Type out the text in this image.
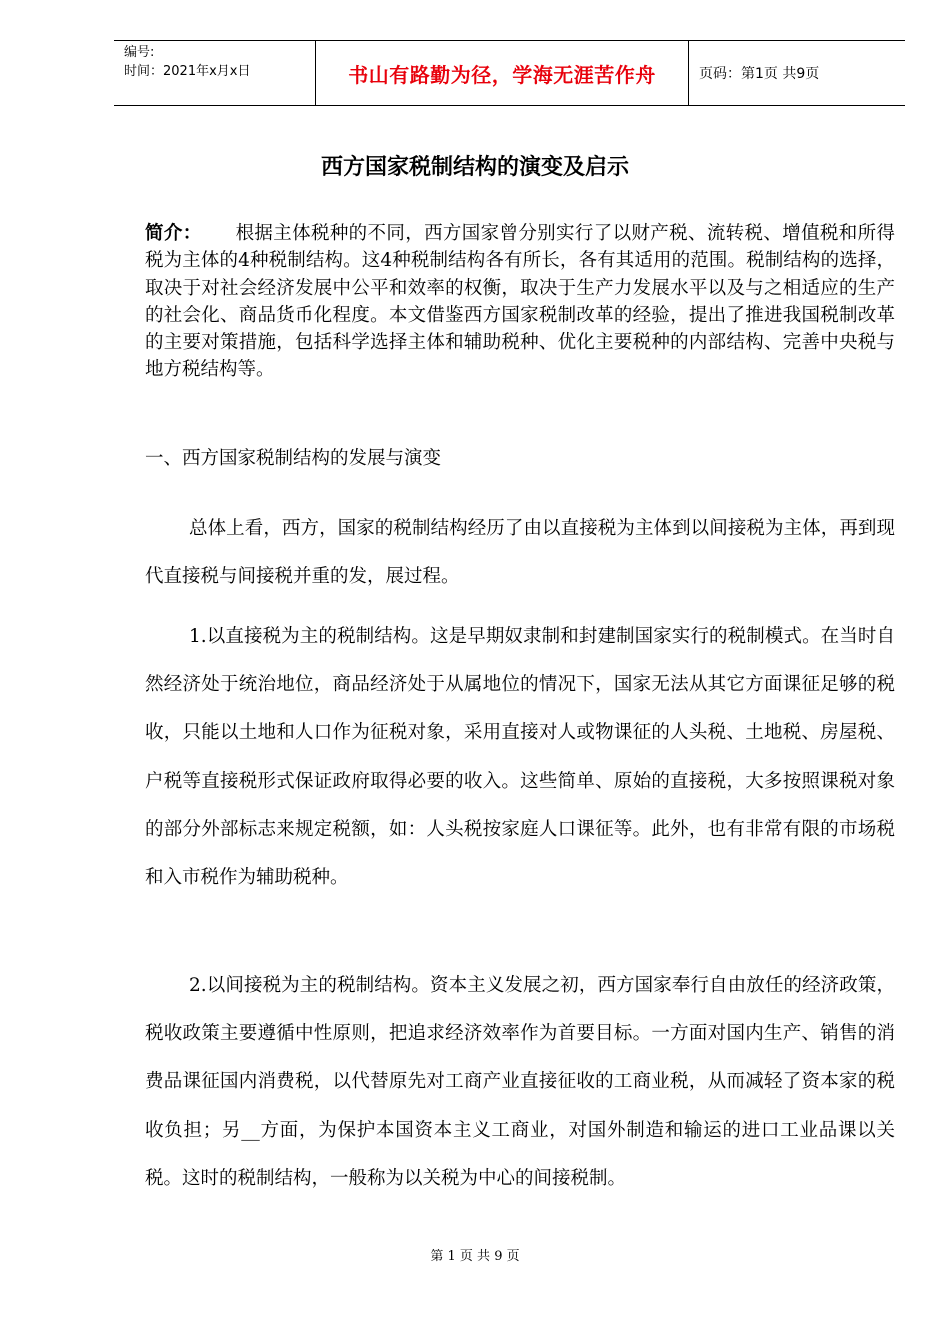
编号:
时间：2021年x月x日	书山有路勤为径，学海无涯苦作舟	页码：第1页 共9页
西方国家税制结构的演变及启示
简介： 根据主体税种的不同，西方国家曾分别实行了以财产税、流转税、增值税和所得税为主体的4种税制结构。这4种税制结构各有所长，各有其适用的范围。税制结构的选择，取决于对社会经济发展中公平和效率的权衡，取决于生产力发展水平以及与之相适应的生产的社会化、商品货币化程度。本文借鉴西方国家税制改革的经验，提出了推进我国税制改革的主要对策措施，包括科学选择主体和辅助税种、优化主要税种的内部结构、完善中央税与地方税结构等。
一、西方国家税制结构的发展与演变
总体上看，西方，国家的税制结构经历了由以直接税为主体到以间接税为主体，再到现代直接税与间接税并重的发，展过程。
1.以直接税为主的税制结构。这是早期奴隶制和封建制国家实行的税制模式。在当时自然经济处于统治地位，商品经济处于从属地位的情况下，国家无法从其它方面课征足够的税收，只能以土地和人口作为征税对象，采用直接对人或物课征的人头税、土地税、房屋税、户税等直接税形式保证政府取得必要的收入。这些简单、原始的直接税，大多按照课税对象的部分外部标志来规定税额，如：人头税按家庭人口课征等。此外，也有非常有限的市场税和入市税作为辅助税种。
2.以间接税为主的税制结构。资本主义发展之初，西方国家奉行自由放任的经济政策，税收政策主要遵循中性原则，把追求经济效率作为首要目标。一方面对国内生产、销售的消费品课征国内消费税，以代替原先对工商产业直接征收的工商业税，从而减轻了资本家的税收负担；另__方面，为保护本国资本主义工商业，对国外制造和输运的进口工业品课以关税。这时的税制结构，一般称为以关税为中心的间接税制。
第 1 页 共 9 页
